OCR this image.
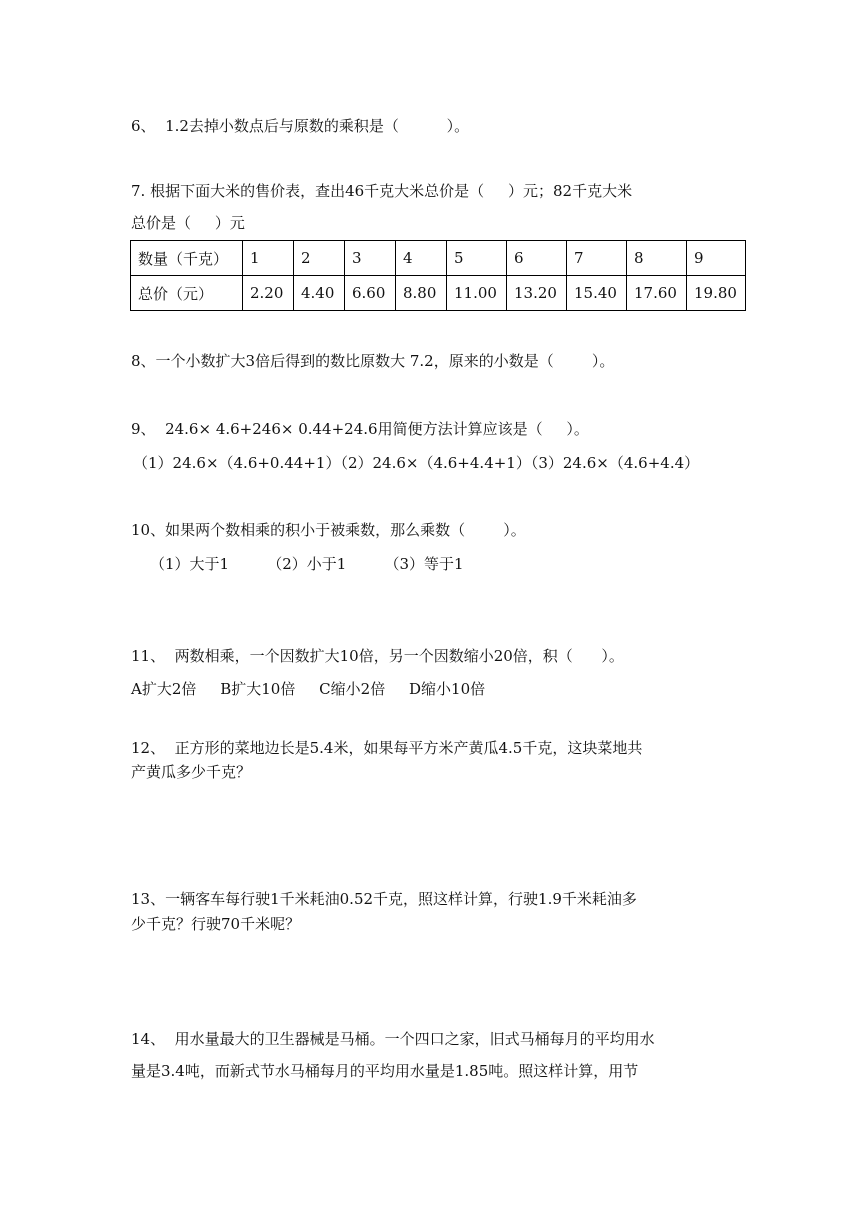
6、  1.2去掉小数点后与原数的乘积是（          ）。
7. 根据下面大米的售价表，查出46千克大米总价是（     ）元；82千克大米
总价是（     ）元
数量（千克）	1	2	3	4	5	6	7	8	9
总价（元）	2.20	4.40	6.60	8.80	11.00	13.20	15.40	17.60	19.80
8、一个小数扩大3倍后得到的数比原数大 7.2，原来的小数是（        ）。
9、  24.6× 4.6+246× 0.44+24.6用简便方法计算应该是（     ）。
（1）24.6×（4.6+0.44+1）（2）24.6×（4.6+4.4+1）（3）24.6×（4.6+4.4）
10、如果两个数相乘的积小于被乘数，那么乘数（        ）。
（1）大于1        （2）小于1        （3）等于1
11、  两数相乘，一个因数扩大10倍，另一个因数缩小20倍，积（      ）。
A扩大2倍     B扩大10倍     C缩小2倍     D缩小10倍
12、  正方形的菜地边长是5.4米，如果每平方米产黄瓜4.5千克，这块菜地共
产黄瓜多少千克？
13、一辆客车每行驶1千米耗油0.52千克，照这样计算，行驶1.9千米耗油多
少千克？行驶70千米呢？
14、  用水量最大的卫生器械是马桶。一个四口之家，旧式马桶每月的平均用水
量是3.4吨，而新式节水马桶每月的平均用水量是1.85吨。照这样计算，用节
